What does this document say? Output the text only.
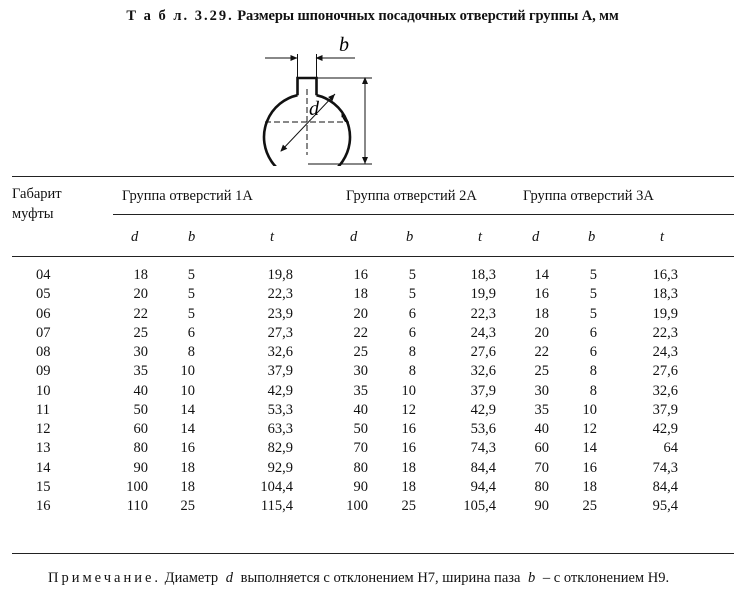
Т а б л. 3.29. Размеры шпоночных посадочных отверстий группы А, мм
b
d t
Габарит
муфты
Группа отверстий 1А	Группа отверстий 2А	Группа отверстий 3А
d	b	t	d	b	t	d	b	t
04	18	5	19,8	16	5	18,3	14	5	16,3
05	20	5	22,3	18	5	19,9	16	5	18,3
06	22	5	23,9	20	6	22,3	18	5	19,9
07	25	6	27,3	22	6	24,3	20	6	22,3
08	30	8	32,6	25	8	27,6	22	6	24,3
09	35 10	37,9	30	8	32,6	25	8	27,6
10	40 10	42,9	35 10	37,9	30	8	32,6
11	50 14	53,3	40 12	42,9	35 10	37,9
12	60 14	63,3	50 16	53,6	40 12	42,9
13	80 16	82,9	70 16	74,3	60 14	64
14	90 18	92,9	80 18	84,4	70 16	74,3
15	100 18	104,4	90 18	94,4	80 18	84,4
16	110 25	115,4	100 25	105,4	90 25	95,4
Примечание. Диаметр d выполняется с отклонением Н7, ширина паза b – с отклонением Н9.
